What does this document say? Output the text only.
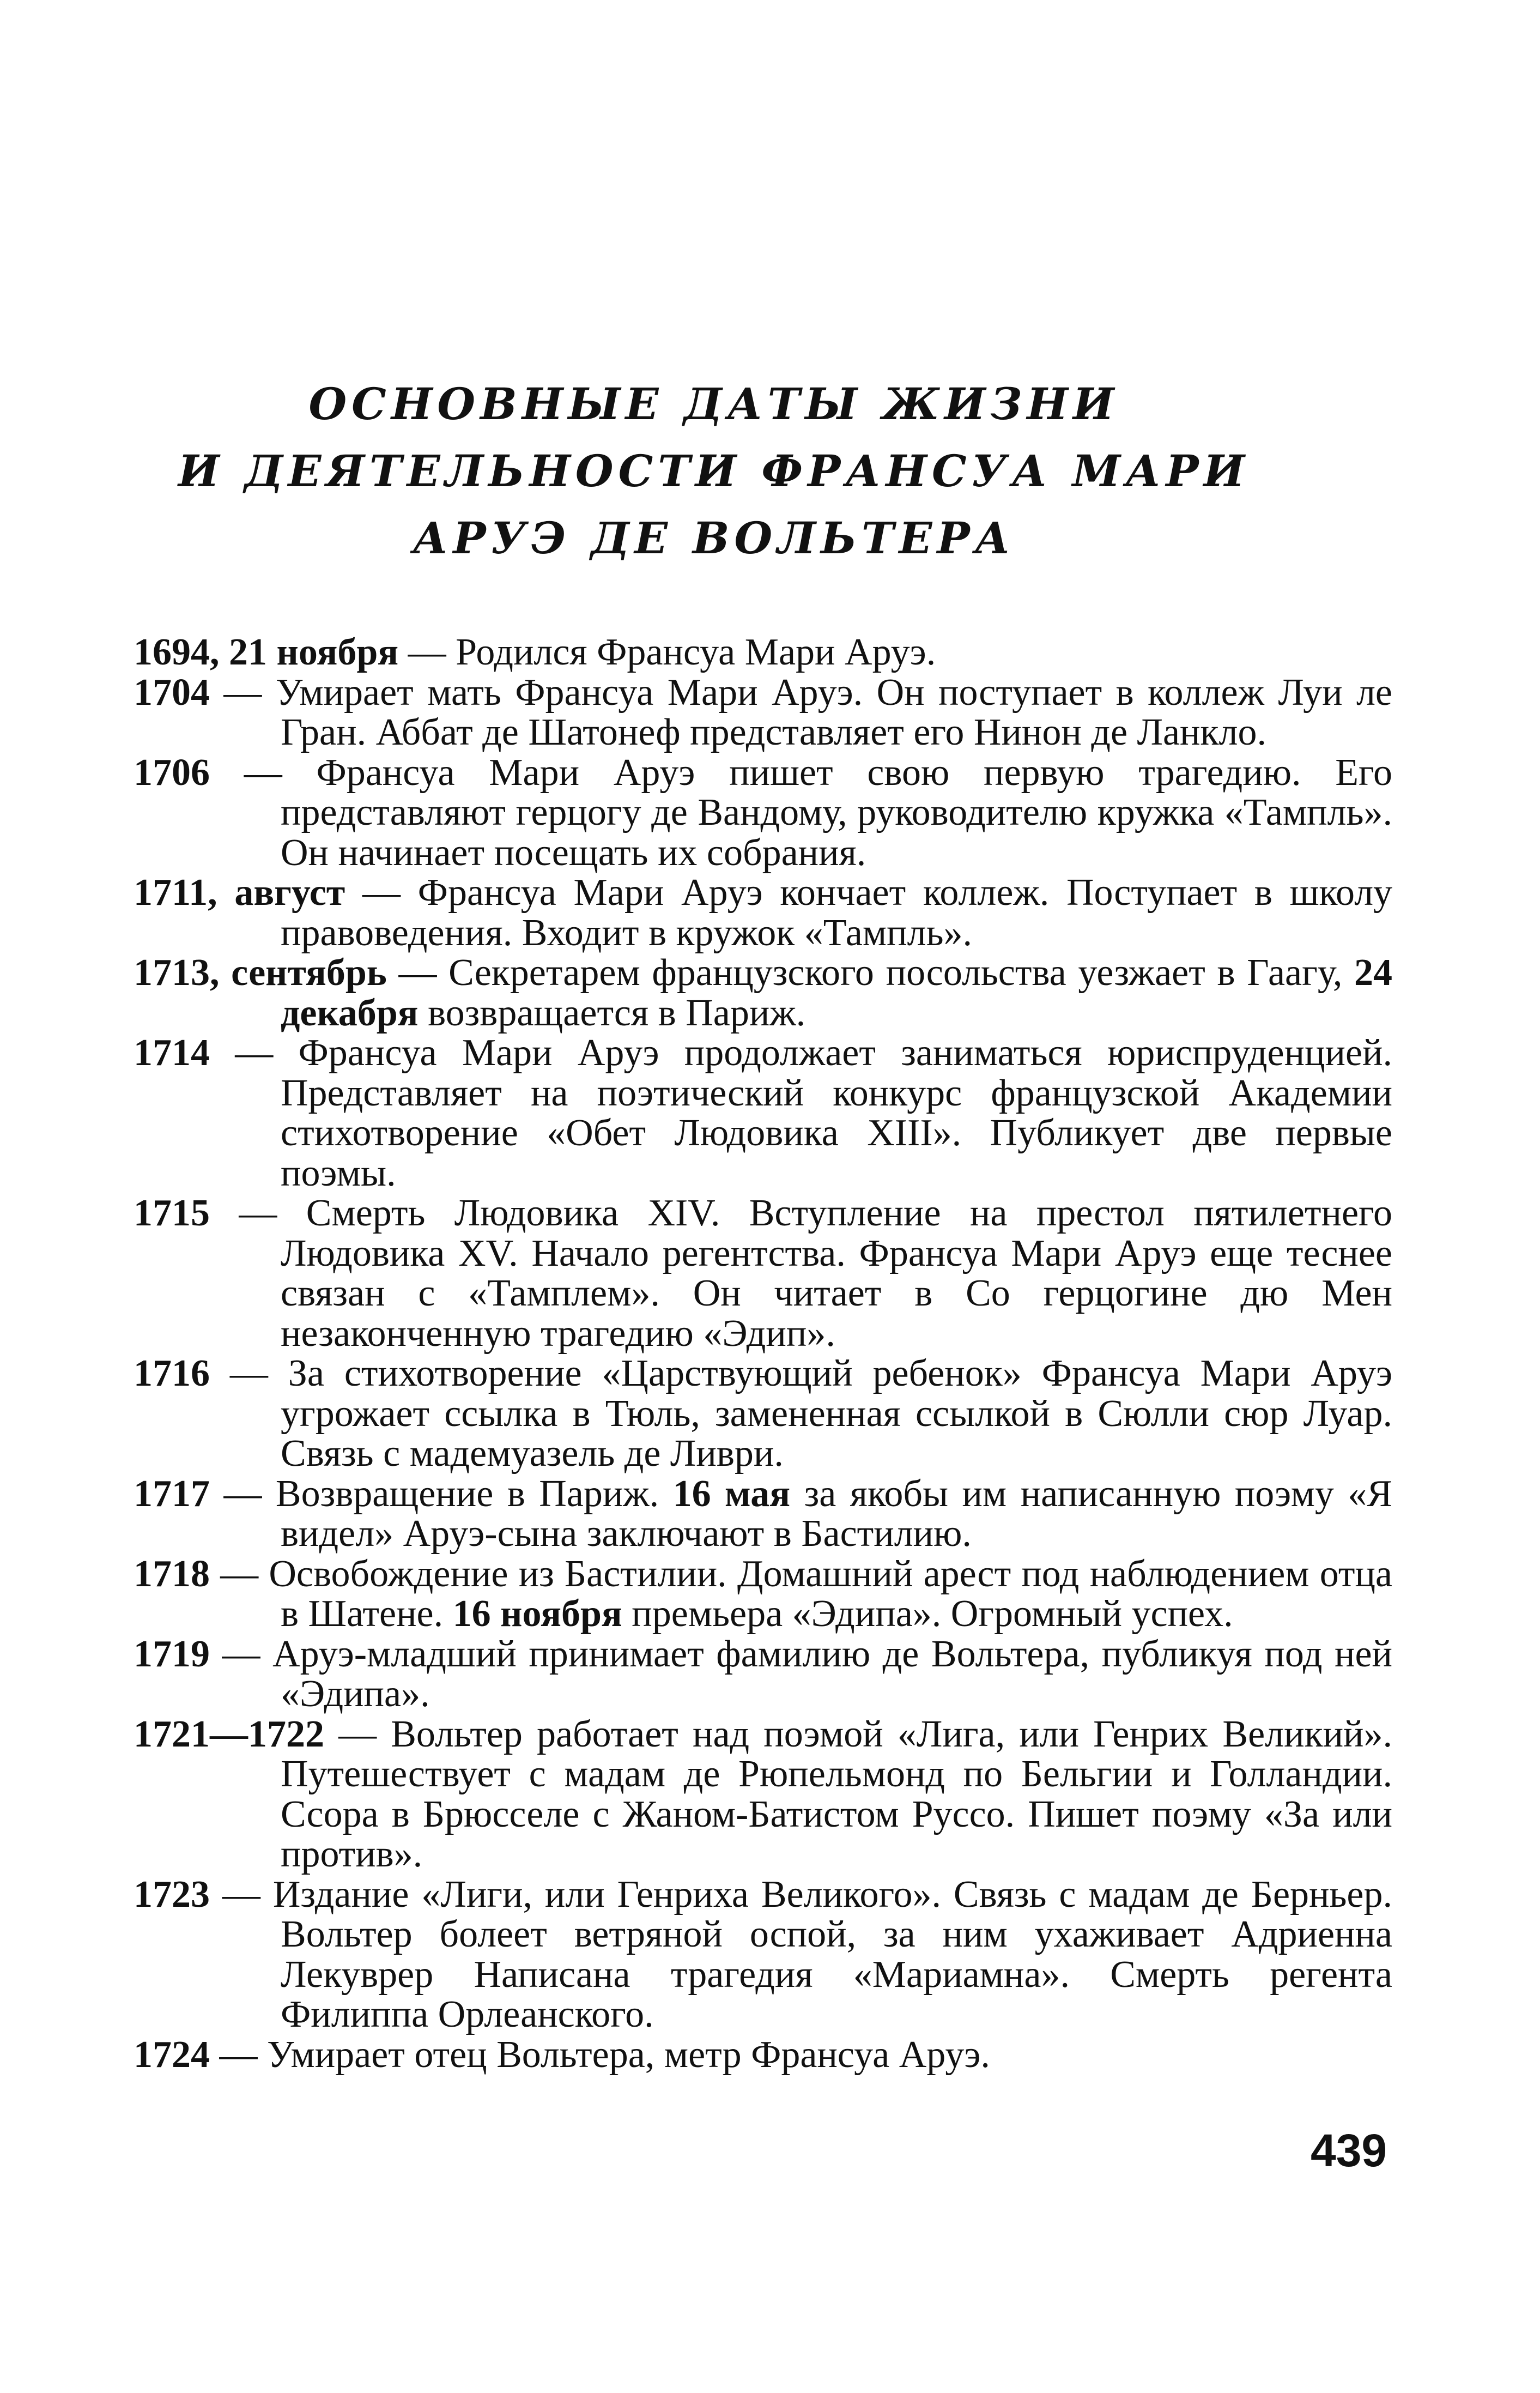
ОСНОВНЫЕ ДАТЫ ЖИЗНИ
И ДЕЯТЕЛЬНОСТИ ФРАНСУА МАРИ
АРУЭ ДЕ ВОЛЬТЕРА
1694, 21 ноября — Родился Франсуа Мари Аруэ.
1704 — Умирает мать Франсуа Мари Аруэ. Он поступает в коллеж Луи ле Гран. Аббат де Шатонеф представляет его Нинон де Ланкло.
1706 — Франсуа Мари Аруэ пишет свою первую трагедию. Его представляют герцогу де Вандому, руководителю кружка «Тампль». Он начинает посещать их собрания.
1711, август — Франсуа Мари Аруэ кончает коллеж. Поступает в школу правоведения. Входит в кружок «Тампль».
1713, сентябрь — Секретарем французского посольства уезжает в Гаагу, 24 декабря возвращается в Париж.
1714 — Франсуа Мари Аруэ продолжает заниматься юриспруденцией. Представляет на поэтический конкурс французской Академии стихотворение «Обет Людовика XIII». Публикует две первые поэмы.
1715 — Смерть Людовика XIV. Вступление на престол пятилетнего Людовика XV. Начало регентства. Франсуа Мари Аруэ еще теснее связан с «Тамплем». Он читает в Со герцогине дю Мен незаконченную трагедию «Эдип».
1716 — За стихотворение «Царствующий ребенок» Франсуа Мари Аруэ угрожает ссылка в Тюль, замененная ссылкой в Сюлли сюр Луар. Связь с мадемуазель де Ливри.
1717 — Возвращение в Париж. 16 мая за якобы им написанную поэму «Я видел» Аруэ-сына заключают в Бастилию.
1718 — Освобождение из Бастилии. Домашний арест под наблюдением отца в Шатене. 16 ноября премьера «Эдипа». Огромный успех.
1719 — Аруэ-младший принимает фамилию де Вольтера, публикуя под ней «Эдипа».
1721—1722 — Вольтер работает над поэмой «Лига, или Генрих Великий». Путешествует с мадам де Рюпельмонд по Бельгии и Голландии. Ссора в Брюсселе с Жаном-Батистом Руссо. Пишет поэму «За или против».
1723 — Издание «Лиги, или Генриха Великого». Связь с мадам де Берньер. Вольтер болеет ветряной оспой, за ним ухаживает Адриенна Лекуврер Написана трагедия «Мариамна». Смерть регента Филиппа Орлеанского.
1724 — Умирает отец Вольтера, метр Франсуа Аруэ.
439
